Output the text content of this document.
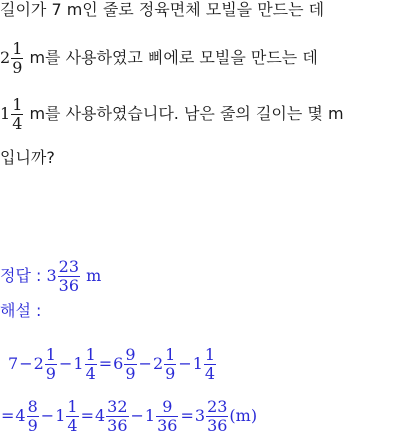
길이가 7 m인 줄로 정육면체 모빌을 만드는 데
$2 \frac{1}{9}$ m를 사용하였고 삐에로 모빌을 만드는 데
$1 \frac{1}{4}$ m를 사용하였습니다. 남은 줄의 길이는 몇 m
입니까?
정답 : $3 \frac{23}{36}$ m
해설 :
$7-2 \frac{1}{9} -1 \frac{1}{4} =6 \frac{9}{9} -2 \frac{1}{9} -1 \frac{1}{4}$
$=4 \frac{8}{9} -1 \frac{1}{4} =4 \frac{32}{36} -1 \frac{9}{36} =3 \frac{23}{36} (m)$
